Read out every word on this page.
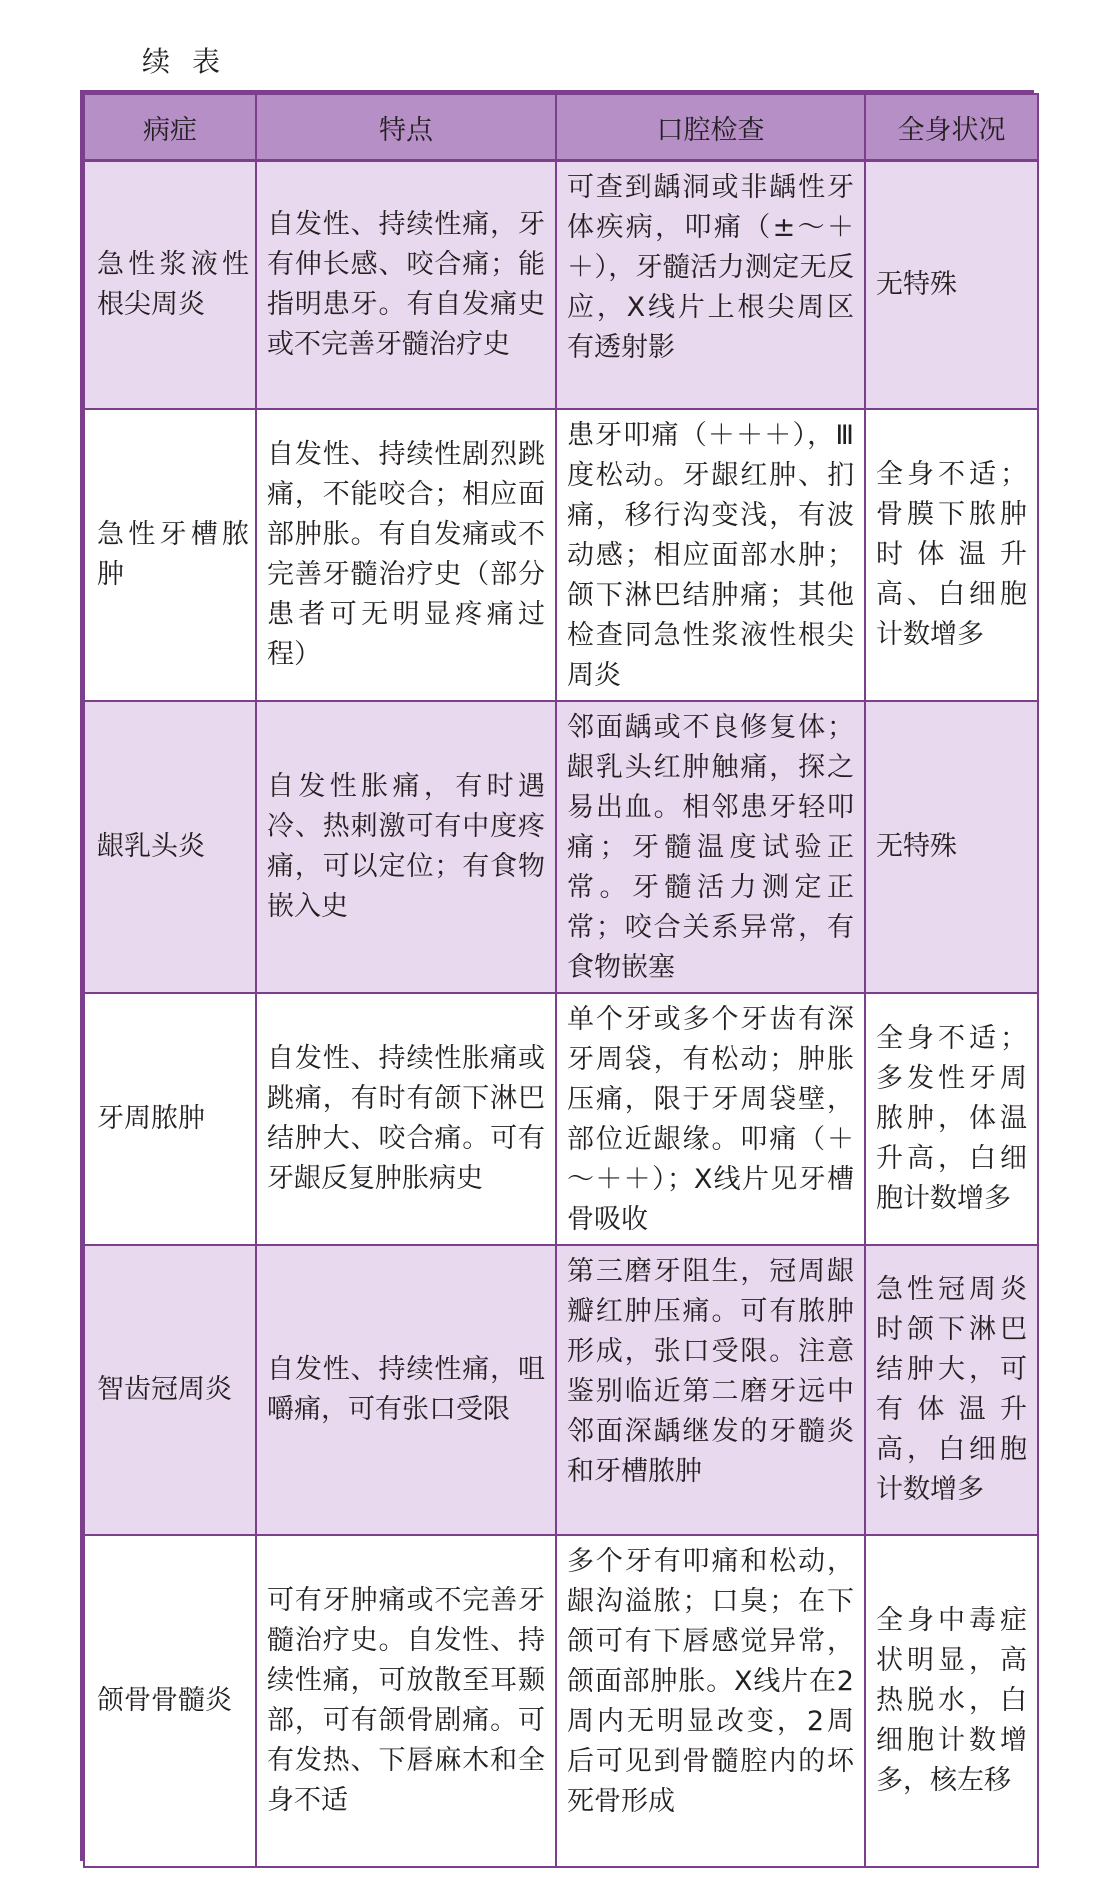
续表
病症	特点	口腔检查	全身状况
急性浆液性根尖周炎	自发性、持续性痛，牙有伸长感、咬合痛；能指明患牙。有自发痛史或不完善牙髓治疗史	可查到龋洞或非龋性牙体疾病，叩痛（±～＋＋），牙髓活力测定无反应，X线片上根尖周区有透射影	无特殊
急性牙槽脓肿	自发性、持续性剧烈跳痛，不能咬合；相应面部肿胀。有自发痛或不完善牙髓治疗史（部分患者可无明显疼痛过程）	患牙叩痛（＋＋＋），Ⅲ度松动。牙龈红肿、扪痛，移行沟变浅，有波动感；相应面部水肿；颌下淋巴结肿痛；其他检查同急性浆液性根尖周炎	全身不适；骨膜下脓肿时体温升高、白细胞计数增多
龈乳头炎	自发性胀痛，有时遇冷、热刺激可有中度疼痛，可以定位；有食物嵌入史	邻面龋或不良修复体；龈乳头红肿触痛，探之易出血。相邻患牙轻叩痛；牙髓温度试验正常。牙髓活力测定正常；咬合关系异常，有食物嵌塞	无特殊
牙周脓肿	自发性、持续性胀痛或跳痛，有时有颌下淋巴结肿大、咬合痛。可有牙龈反复肿胀病史	单个牙或多个牙齿有深牙周袋，有松动；肿胀压痛，限于牙周袋壁，部位近龈缘。叩痛（＋～＋＋）；X线片见牙槽骨吸收	全身不适；多发性牙周脓肿，体温升高，白细胞计数增多
智齿冠周炎	自发性、持续性痛，咀嚼痛，可有张口受限	第三磨牙阻生，冠周龈瓣红肿压痛。可有脓肿形成，张口受限。注意鉴别临近第二磨牙远中邻面深龋继发的牙髓炎和牙槽脓肿	急性冠周炎时颌下淋巴结肿大，可有体温升高，白细胞计数增多
颌骨骨髓炎	可有牙肿痛或不完善牙髓治疗史。自发性、持续性痛，可放散至耳颞部，可有颌骨剧痛。可有发热、下唇麻木和全身不适	多个牙有叩痛和松动，龈沟溢脓；口臭；在下颌可有下唇感觉异常，颌面部肿胀。X线片在2周内无明显改变，2周后可见到骨髓腔内的坏死骨形成	全身中毒症状明显，高热脱水，白细胞计数增多，核左移
